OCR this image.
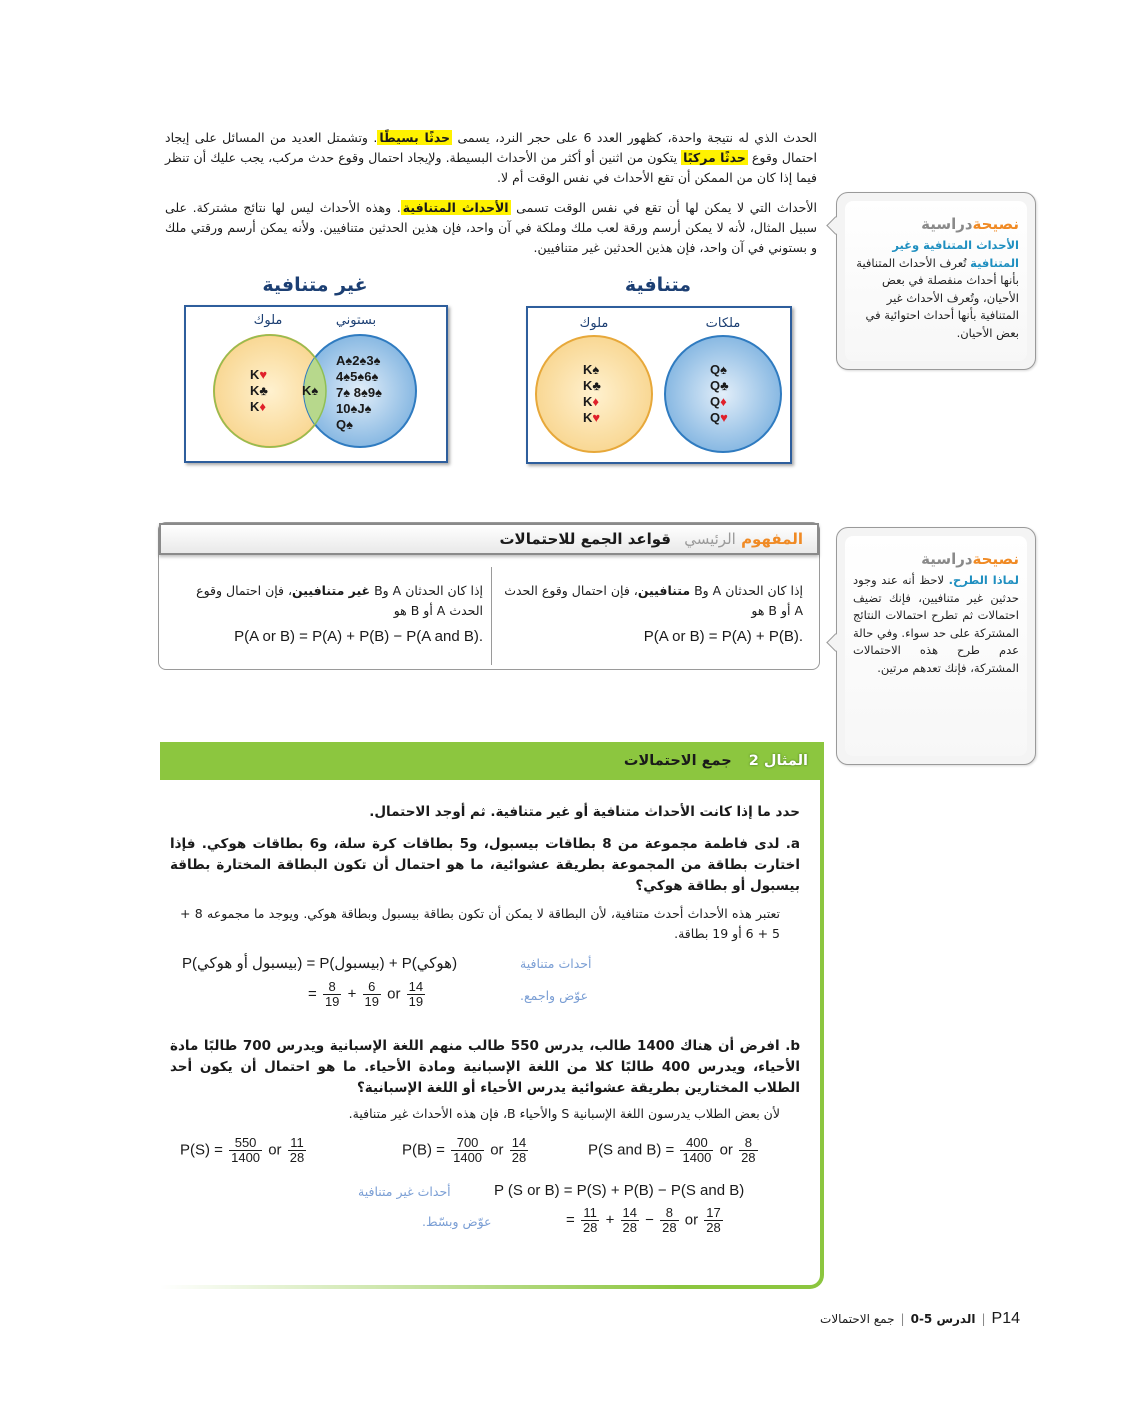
الحدث الذي له نتيجة واحدة، كظهور العدد 6 على حجر النرد، يسمى حدثًا بسيطًا. وتشمتل العديد من المسائل على إيجاد احتمال وقوع حدثًا مركبًا يتكون من اثنين أو أكثر من الأحداث البسيطة. ولإيجاد احتمال وقوع حدث مركب، يجب عليك أن تنظر فيما إذا كان من الممكن أن تقع الأحداث في نفس الوقت أم لا.
الأحداث التي لا يمكن لها أن تقع في نفس الوقت تسمى الأحداث المتنافية. وهذه الأحداث ليس لها نتائج مشتركة. على سبيل المثال، لأنه لا يمكن أرسم ورقة لعب ملك وملكة في آن واحد، فإن هذين الحدثين متنافيين. ولأنه يمكن أرسم ورقتي ملك و بستوني في آن واحد، فإن هذين الحدثين غير متنافيين.
نصيحةدراسية
الأحداث المتنافية وغير المتنافية تُعرف الأحداث المتنافية بأنها أحداث منفصلة في بعض الأحيان، وتُعرف الأحداث غير المتنافية بأنها أحداث احتوائية في بعض الأحيان.
غير متنافية
ملوك	بستوني
K♥
K♣
K♦
K♠
A♠2♠3♠
4♠5♠6♠
7♠ 8♠9♠
10♠J♠
Q♠
متنافية
ملوك	ملكات
K♠
K♣
K♦
K♥
Q♠
Q♣
Q♦
Q♥
المفهوم الرئيسي قواعد الجمع للاحتمالات
إذا كان الحدثان A وB متنافيين، فإن احتمال وقوع الحدث A أو B هو
P(A or B) = P(A) + P(B).
إذا كان الحدثان A وB غير متنافيين، فإن احتمال وقوع الحدث A أو B هو
P(A or B) = P(A) + P(B) − P(A and B).
نصيحةدراسية
لماذا الطرح. لاحظ أنه عند وجود حدثين غير متنافيين، فإنك تضيف احتمالات ثم تطرح احتمالات النتائج المشتركة على حد سواء. وفي حالة عدم طرح هذه الاحتمالات المشتركة، فإنك تعدهم مرتين.
المثال 2 جمع الاحتمالات
حدد ما إذا كانت الأحداث متنافية أو غير متنافية. ثم أوجد الاحتمال.
a. لدى فاطمة مجموعة من 8 بطاقات بيسبول، و5 بطاقات كرة سلة، و6 بطاقات هوكي. فإذا اختارت بطاقة من المجموعة بطريقة عشوائية، ما هو احتمال أن تكون البطاقة المختارة بطاقة بيسبول أو بطاقة هوكي؟
تعتبر هذه الأحداث أحدث متنافية، لأن البطاقة لا يمكن أن تكون بطاقة بيسبول وبطاقة هوكي. ويوجد ما مجموعه 8 + 5 + 6 أو 19 بطاقة.
P(بيسبول أو هوكي) = P(بيسبول) + P(هوكي)	أحداث متنافية
= $\frac{8}{19} + \frac{6}{19}$ or $\frac{14}{19}$	عوّض واجمع.
b. افرض أن هناك 1400 طالب، يدرس 550 طالب منهم اللغة الإسبانية ويدرس 700 طالبًا مادة الأحياء، ويدرس 400 طالبًا كلا من اللغة الإسبانية ومادة الأحياء. ما هو احتمال أن يكون أحد الطلاب المختارين بطريقة عشوائية يدرس الأحياء أو اللغة الإسبانية؟
لأن بعض الطلاب يدرسون اللغة الإسبانية S والأحياء B، فإن هذه الأحداث غير متنافية.
$P(S) = \frac{550}{1400}$ or $\frac{11}{28}$	$P(B) = \frac{700}{1400}$ or $\frac{14}{28}$	P(S and $B) = \frac{400}{1400}$ or $\frac{8}{28}$
أحداث غير متنافية	P (S or B) = P(S) + P(B) − P(S and B)
عوّض وبسّط.	= $\frac{11}{28} + \frac{14}{28} - \frac{8}{28}$ or $\frac{17}{28}$
P14|الدرس 5-0|جمع الاحتمالات
